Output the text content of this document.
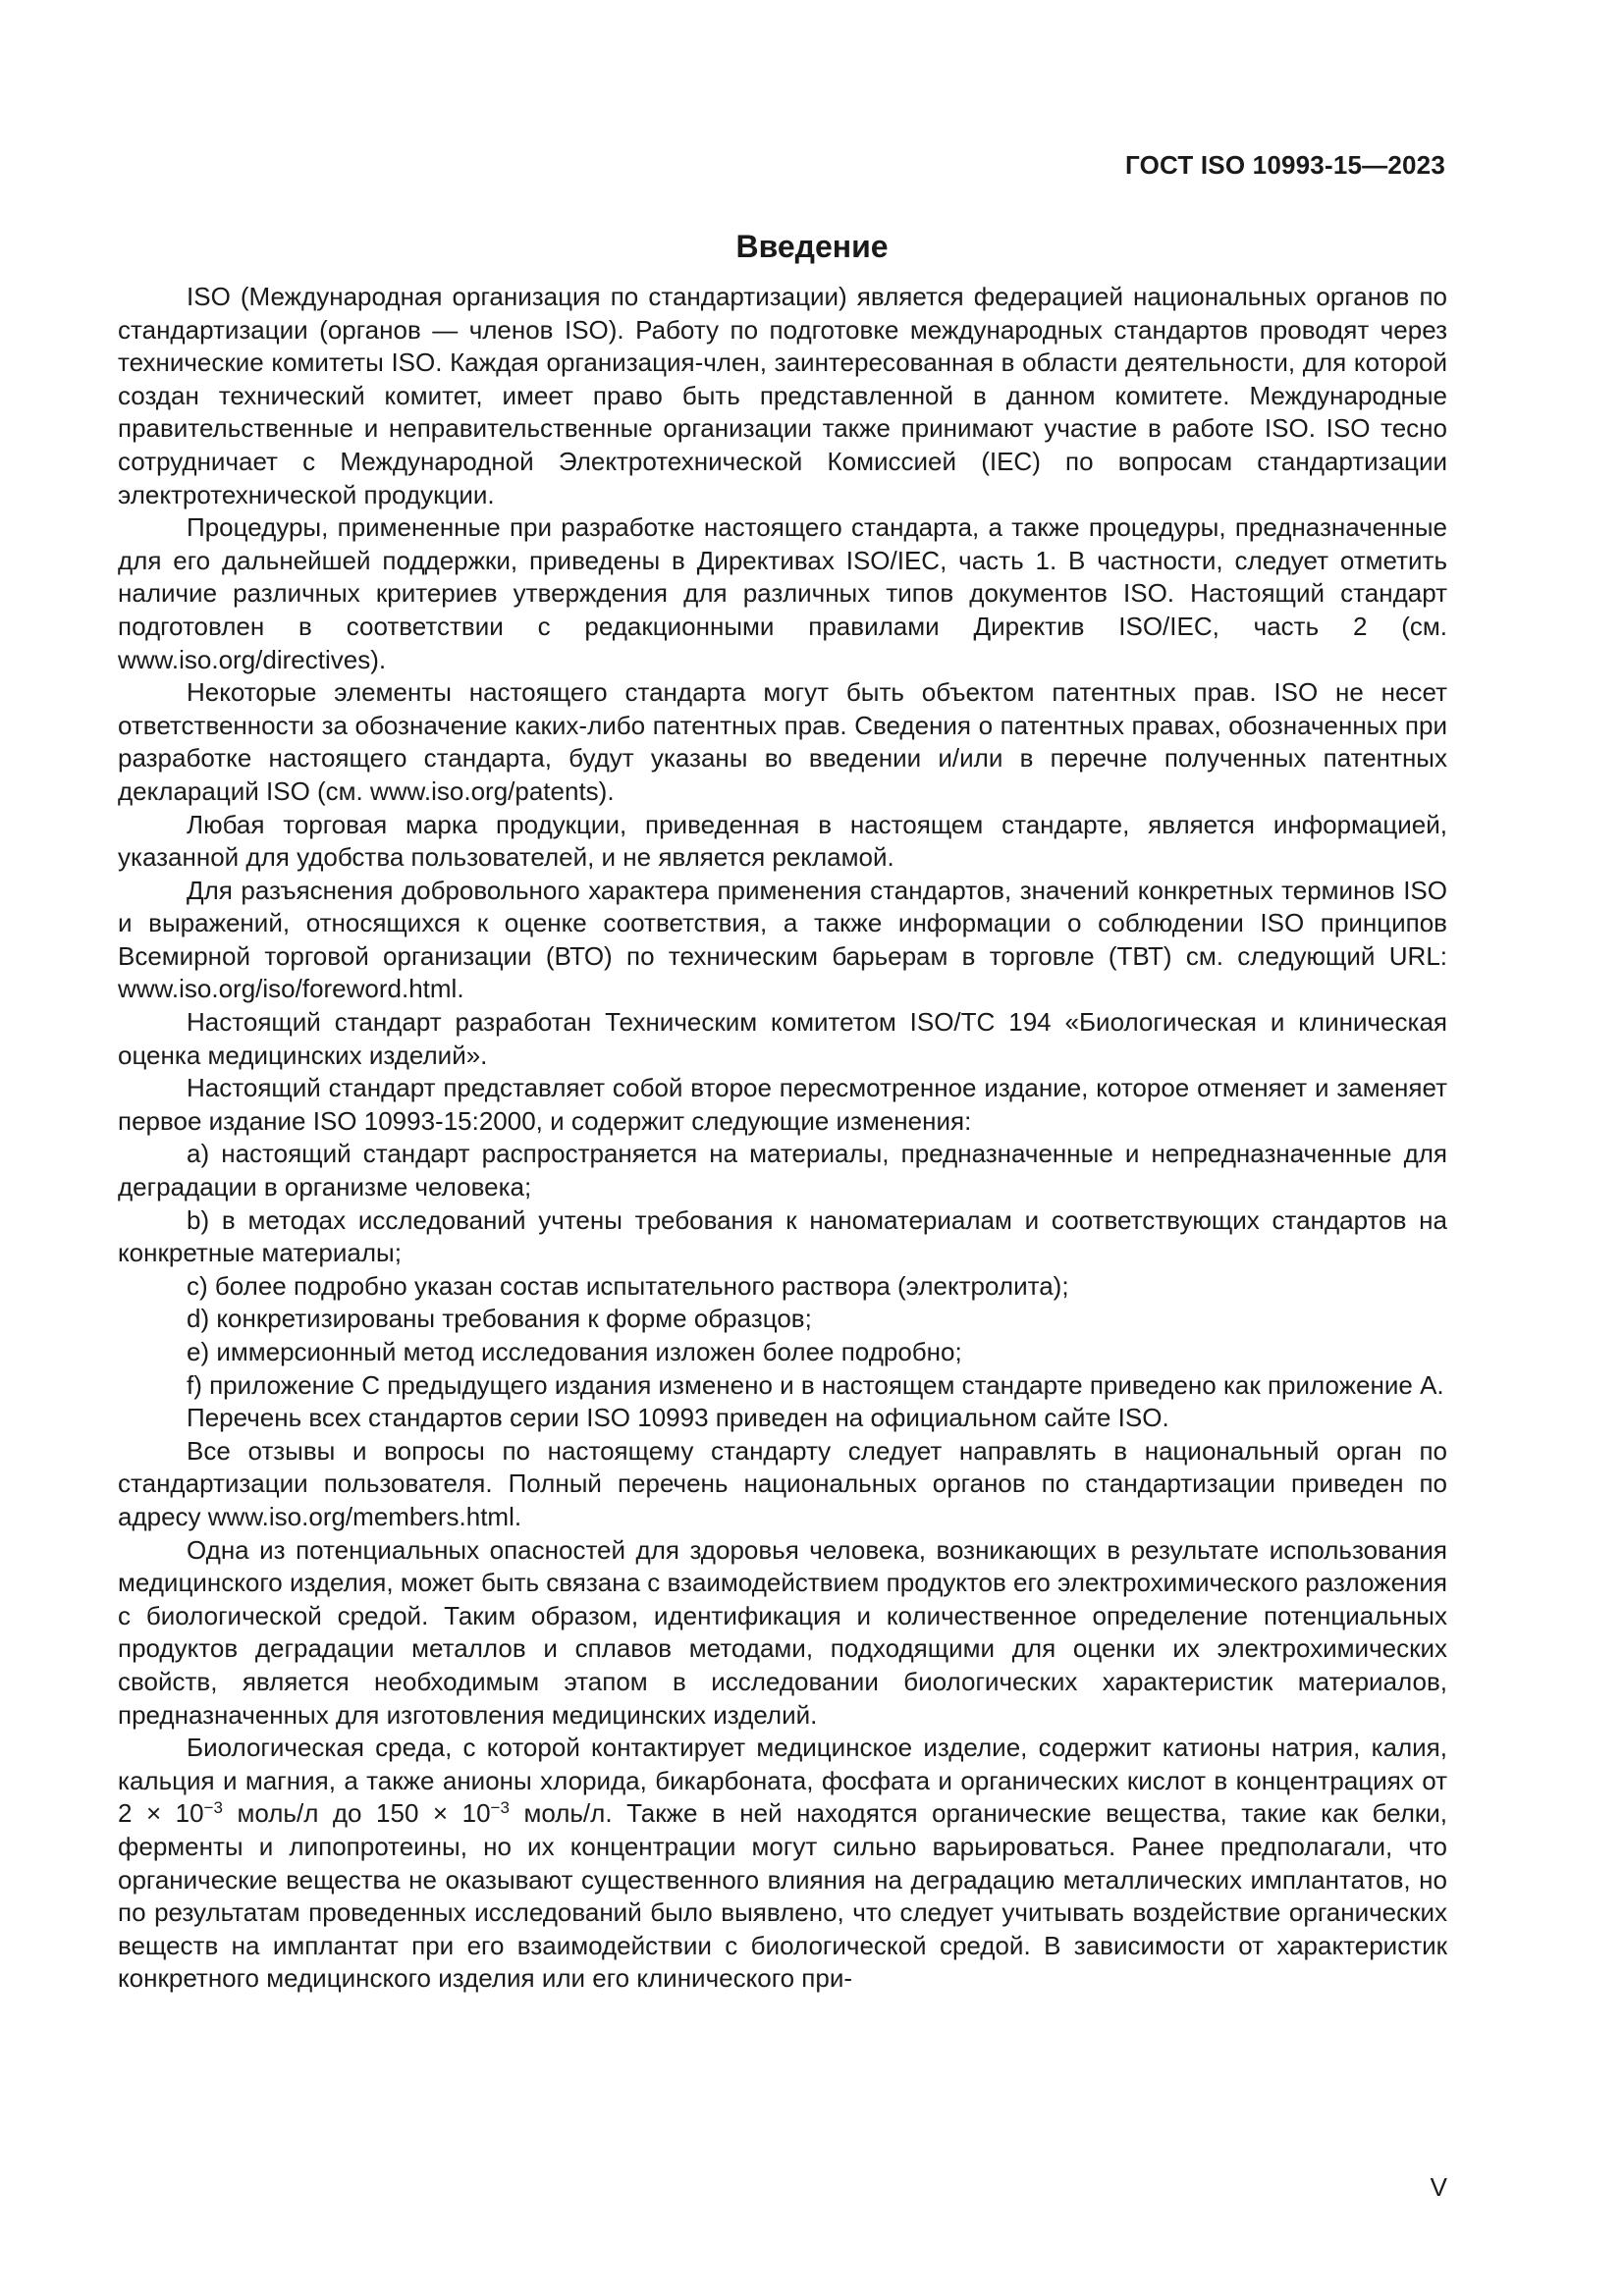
ГОСТ ISO 10993-15—2023
Введение

ISO (Международная организация по стандартизации) является федерацией национальных органов по стандартизации (органов — членов ISO). Работу по подготовке международных стандартов проводят через технические комитеты ISO. Каждая организация-член, заинтересованная в области деятельности, для которой создан технический комитет, имеет право быть представленной в данном комитете. Международные правительственные и неправительственные организации также принимают участие в работе ISO. ISO тесно сотрудничает с Международной Электротехнической Комиссией (IEC) по вопросам стандартизации электротехнической продукции.

Процедуры, примененные при разработке настоящего стандарта, а также процедуры, предназначенные для его дальнейшей поддержки, приведены в Директивах ISO/IEC, часть 1. В частности, следует отметить наличие различных критериев утверждения для различных типов документов ISO. Настоящий стандарт подготовлен в соответствии с редакционными правилами Директив ISO/IEC, часть 2 (см. www.iso.org/directives).

Некоторые элементы настоящего стандарта могут быть объектом патентных прав. ISO не несет ответственности за обозначение каких-либо патентных прав. Сведения о патентных правах, обозначенных при разработке настоящего стандарта, будут указаны во введении и/или в перечне полученных патентных деклараций ISO (см. www.iso.org/patents).

Любая торговая марка продукции, приведенная в настоящем стандарте, является информацией, указанной для удобства пользователей, и не является рекламой.

Для разъяснения добровольного характера применения стандартов, значений конкретных терминов ISO и выражений, относящихся к оценке соответствия, а также информации о соблюдении ISO принципов Всемирной торговой организации (ВТО) по техническим барьерам в торговле (ТВТ) см. следующий URL: www.iso.org/iso/foreword.html.

Настоящий стандарт разработан Техническим комитетом ISO/TC 194 «Биологическая и клиническая оценка медицинских изделий».

Настоящий стандарт представляет собой второе пересмотренное издание, которое отменяет и заменяет первое издание ISO 10993-15:2000, и содержит следующие изменения:

a) настоящий стандарт распространяется на материалы, предназначенные и непредназначенные для деградации в организме человека;

b) в методах исследований учтены требования к наноматериалам и соответствующих стандартов на конкретные материалы;

c) более подробно указан состав испытательного раствора (электролита);

d) конкретизированы требования к форме образцов;

e) иммерсионный метод исследования изложен более подробно;

f) приложение С предыдущего издания изменено и в настоящем стандарте приведено как приложение А.

Перечень всех стандартов серии ISO 10993 приведен на официальном сайте ISO.

Все отзывы и вопросы по настоящему стандарту следует направлять в национальный орган по стандартизации пользователя. Полный перечень национальных органов по стандартизации приведен по адресу www.iso.org/members.html.

Одна из потенциальных опасностей для здоровья человека, возникающих в результате использования медицинского изделия, может быть связана с взаимодействием продуктов его электрохимического разложения с биологической средой. Таким образом, идентификация и количественное определение потенциальных продуктов деградации металлов и сплавов методами, подходящими для оценки их электрохимических свойств, является необходимым этапом в исследовании биологических характеристик материалов, предназначенных для изготовления медицинских изделий.

Биологическая среда, с которой контактирует медицинское изделие, содержит катионы натрия, калия, кальция и магния, а также анионы хлорида, бикарбоната, фосфата и органических кислот в концентрациях от $2 \times 10^{-3}$ моль/л до $150 \times 10^{-3}$ моль/л. Также в ней находятся органические вещества, такие как белки, ферменты и липопротеины, но их концентрации могут сильно варьироваться. Ранее предполагали, что органические вещества не оказывают существенного влияния на деградацию металлических имплантатов, но по результатам проведенных исследований было выявлено, что следует учитывать воздействие органических веществ на имплантат при его взаимодействии с биологической средой. В зависимости от характеристик конкретного медицинского изделия или его клинического при-

V
